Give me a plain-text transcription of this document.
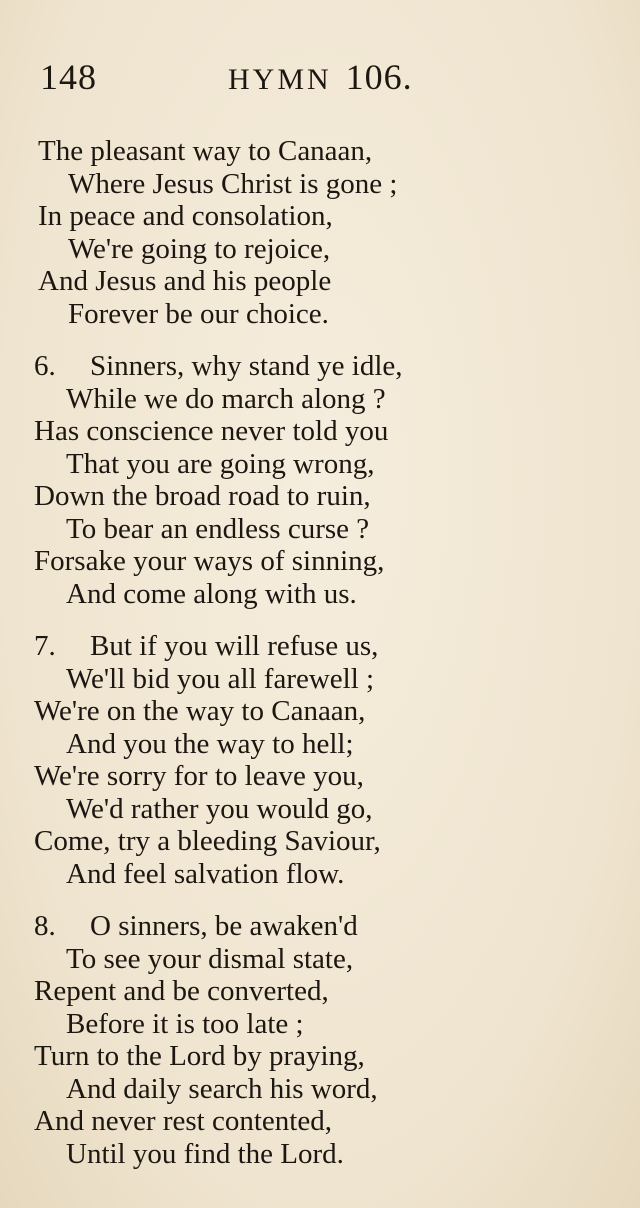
148	HYMN 106.
The pleasant way to Canaan,
Where Jesus Christ is gone ;
In peace and consolation,
We're going to rejoice,
And Jesus and his people
Forever be our choice.
6. Sinners, why stand ye idle,
While we do march along ?
Has conscience never told you
That you are going wrong,
Down the broad road to ruin,
To bear an endless curse ?
Forsake your ways of sinning,
And come along with us.
7. But if you will refuse us,
We'll bid you all farewell ;
We're on the way to Canaan,
And you the way to hell;
We're sorry for to leave you,
We'd rather you would go,
Come, try a bleeding Saviour,
And feel salvation flow.
8. O sinners, be awaken'd
To see your dismal state,
Repent and be converted,
Before it is too late ;
Turn to the Lord by praying,
And daily search his word,
And never rest contented,
Until you find the Lord.
